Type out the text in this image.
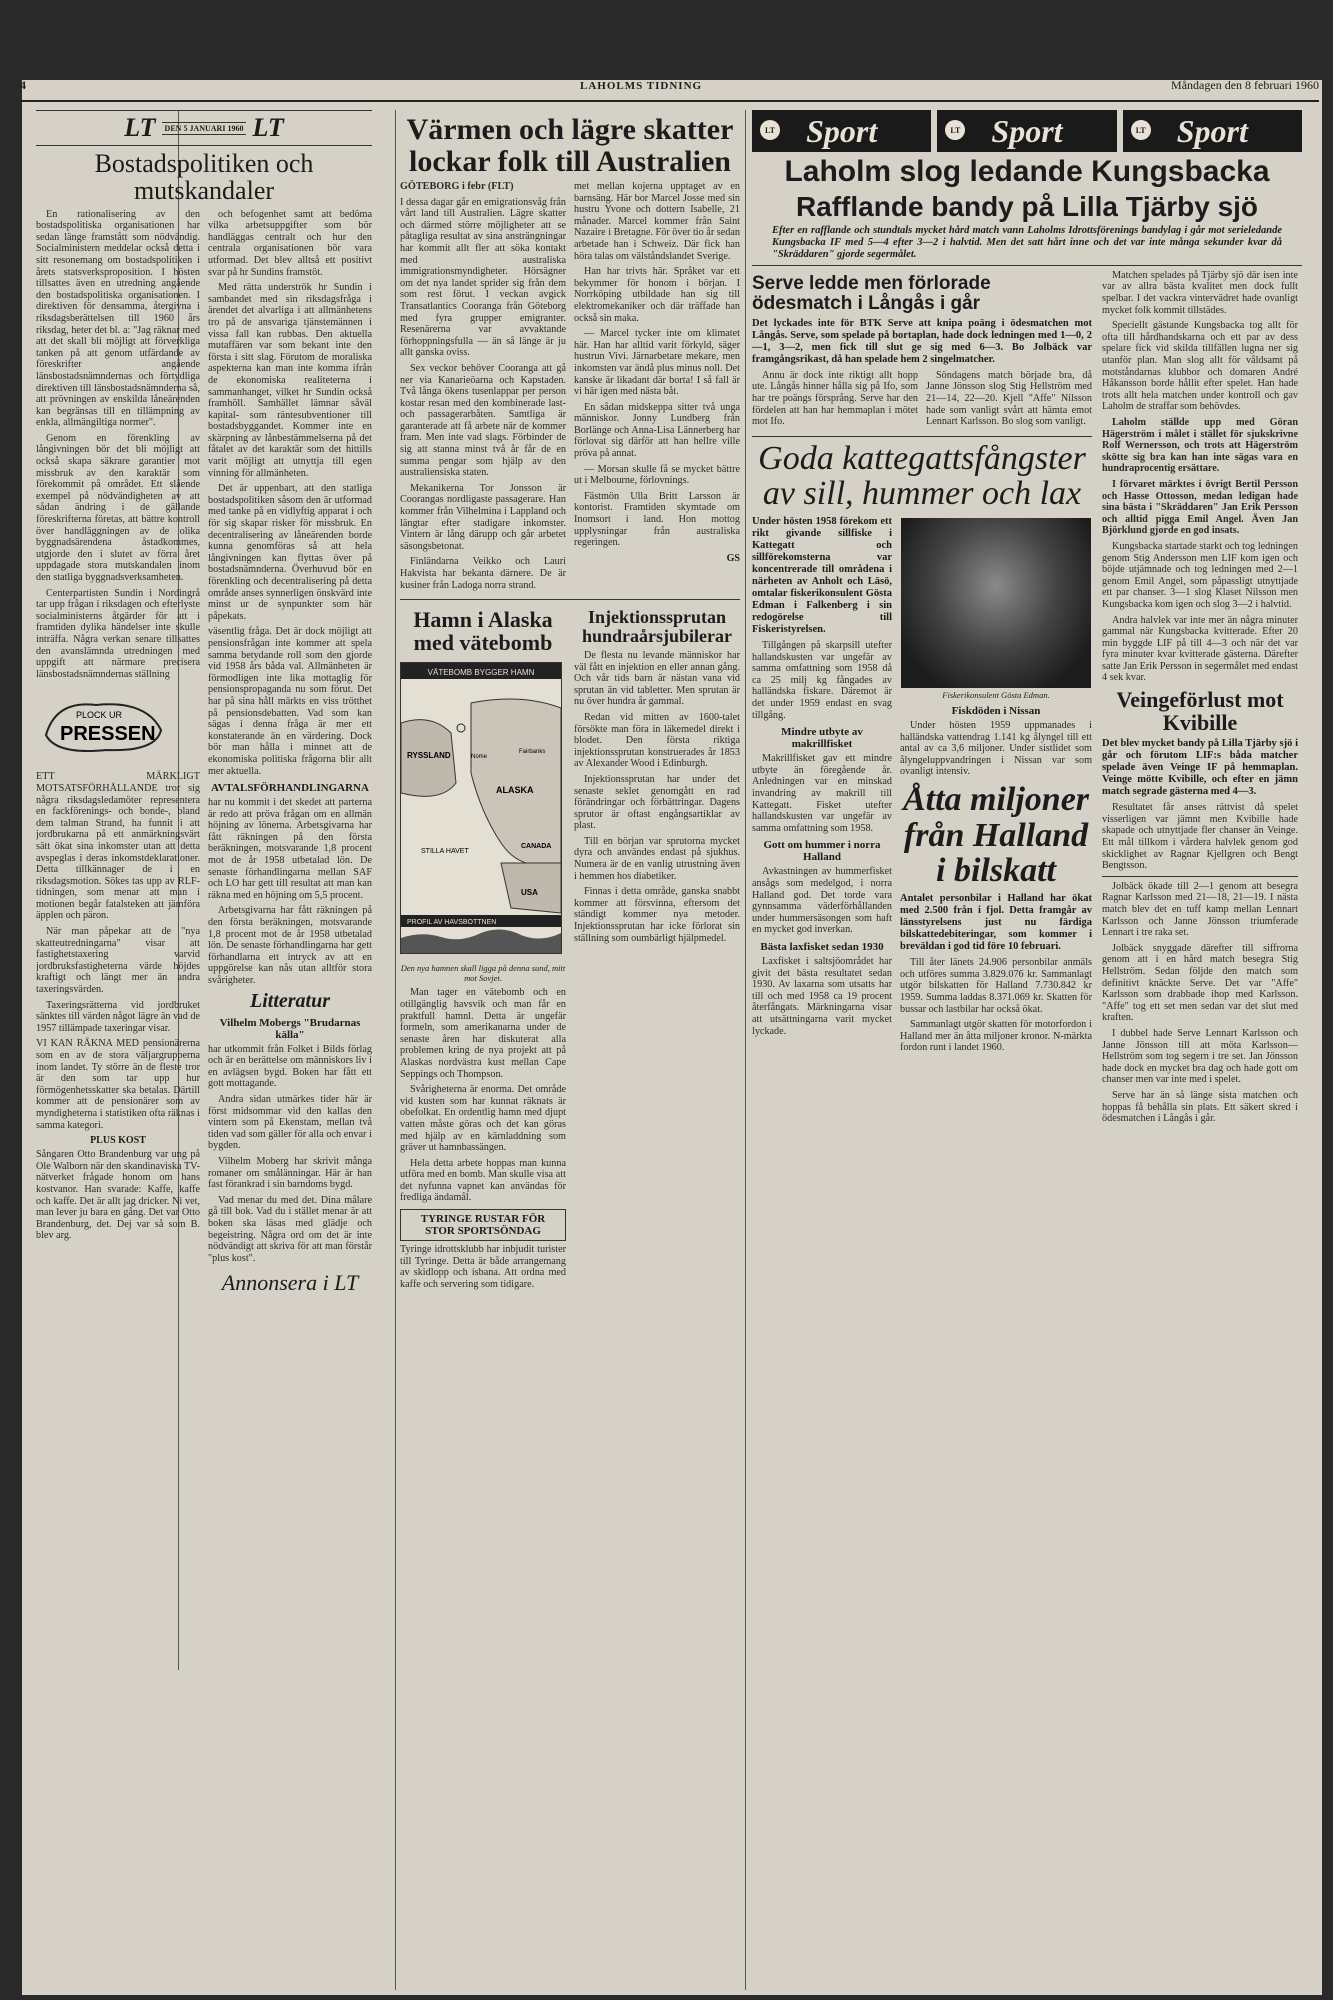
4	LAHOLMS TIDNING	Måndagen den 8 februari 1960
LT	DEN 5 JANUARI 1960 LT
Bostadspolitiken och mutskandaler

En rationalisering av den bostadspolitiska organisationen har sedan länge framstått som nödvändig. Socialministern meddelar också detta i sitt resonemang om bostadspolitiken i årets statsverksproposition. I hösten tillsattes även en utredning angående den bostadspolitiska organisationen. I direktiven för densamma, återgivna i riksdagsberättelsen till 1960 års riksdag, heter det bl. a: "Jag räknar med att det skall bli möjligt att förverkliga tanken på att genom utfärdande av föreskrifter angående länsbostadsnämndernas och förtydliga direktiven till länsbostadsnämnderna så, att prövningen av enskilda låneärenden kan begränsas till en tillämpning av enkla, allmängiltiga normer".

Genom en förenkling av långivningen bör det bli möjligt att också skapa säkrare garantier mot missbruk av den karaktär som förekommit på området. Ett slående exempel på nödvändigheten av att sådan ändring i de gällande föreskrifterna företas, att bättre kontroll över handläggningen av de olika byggnadsärendena åstadkommes, utgjorde den i slutet av förra året uppdagade stora mutskandalen inom den statliga byggnadsverksamheten.

Centerpartisten Sundin i Nordingrå tar upp frågan i riksdagen och efterlyste socialministerns åtgärder för att i framtiden dylika händelser inte skulle inträffa. Några verkan senare tillsattes den avanslämnda utredningen med uppgift att närmare precisera länsbostadsnämndernas ställning

PLOCK UR
PRESSEN

ETT MÄRKLIGT MOTSATSFÖRHÅLLANDE tror sig några riksdagsledamöter representera en fackförenings- och bonde-, bland dem talman Strand, ha funnit i att jordbrukarna på ett anmärkningsvärt sätt ökat sina inkomster utan att detta avspeglas i deras inkomstdeklarationer. Detta tillkännager de i en riksdagsmotion. Sökes tas upp av RLF-tidningen, som menar att man i motionen begår fatalsteken att jämföra äpplen och päron.

När man påpekar att de "nya skatteutredningarna" visar att fastighetstaxering varvid jordbruksfastigheterna värde höjdes kraftigt och längt mer än andra taxeringsvärden.

Taxeringsrätterna vid jordbruket sänktes till värden något lägre än vad de 1957 tillämpade taxeringar visar.

VI KAN RÄKNA MED pensionärerna som en av de stora väljargrupperna inom landet. Ty större än de fleste tror är den som tar upp hur förmögenhetsskatter ska betalas. Därtill kommer att de pensionärer som av myndigheterna i statistiken ofta räknas i samma kategori.

PLUS KOST

Sångaren Otto Brandenburg var ung på Ole Walborn när den skandinaviska TV-nätverket frågade honom om hans kostvanor. Han svarade: Kaffe, kaffe och kaffe. Det är allt jag dricker. Ni vet, man lever ju bara en gång. Det var Otto Brandenburg, det. Dej var så som B. blev arg.

och befogenhet samt att bedöma vilka arbetsuppgifter som bör handläggas centralt och hur den centrala organisationen bör vara utformad. Det blev alltså ett positivt svar på hr Sundins framstöt.

Med rätta underströk hr Sundin i sambandet med sin riksdagsfråga i ärendet det alvarliga i att allmänhetens tro på de ansvariga tjänstemännen i vissa fall kan rubbas. Den aktuella mutaffären var som bekant inte den första i sitt slag. Förutom de moraliska aspekterna kan man inte komma ifrån de ekonomiska realiteterna i sammanhanget, vilket hr Sundin också framhöll. Samhället lämnar såväl kapital- som räntesubventioner till bostadsbyggandet. Kommer inte en skärpning av lånbestämmelserna på det fåtalet av det karaktär som det hittills varit möjligt att utnyttja till egen vinning för allmänheten.

Det är uppenbart, att den statliga bostadspolitiken såsom den är utformad med tanke på en vidlyftig apparat i och för sig skapar risker för missbruk. En decentralisering av låneärenden borde kunna genomföras så att hela långivningen kan flyttas över på bostadsnämnderna. Överhuvud bör en förenkling och decentralisering på detta område anses synnerligen önskvärd inte minst ur de synpunkter som här påpekats.

väsentlig fråga. Det är dock möjligt att pensionsfrågan inte kommer att spela samma betydande roll som den gjorde vid 1958 års båda val. Allmänheten är förmodligen inte lika mottaglig för pensionspropaganda nu som förut. Det har på sina håll märkts en viss trötthet på pensionsdebatten. Vad som kan sägas i denna fråga är mer ett konstaterande än en värdering. Dock bör man hålla i minnet att de ekonomiska politiska frågorna blir allt mer aktuella.

AVTALSFÖRHANDLINGARNA

har nu kommit i det skedet att parterna är redo att pröva frågan om en allmän höjning av lönerna. Arbetsgivarna har fått räkningen på den första beräkningen, motsvarande 1,8 procent mot de år 1958 utbetalad lön. De senaste förhandlingarna mellan SAF och LO har gett till resultat att man kan räkna med en höjning om 5,5 procent.

Arbetsgivarna har fått räkningen på den första beräkningen, motsvarande 1,8 procent mot de år 1958 utbetalad lön. De senaste förhandlingarna har gett förhandlarna ett intryck av att en uppgörelse kan nås utan alltför stora svårigheter.

Litteratur
Vilhelm Mobergs "Brudarnas källa"

har utkommit från Folket i Bilds förlag och är en berättelse om människors liv i en avlägsen bygd. Boken har fått ett gott mottagande.

Andra sidan utmärkes tider här är först midsommar vid den kallas den vintern som på Ekenstam, mellan två tiden vad som gäller för alla och envar i bygden.

Vilhelm Moberg har skrivit många romaner om smålänningar. Här är han fast förankrad i sin barndoms bygd.

Vad menar du med det. Dina målare gå till bok. Vad du i stället menar är att boken ska läsas med glädje och begeistring. Några ord om det är inte nödvändigt att skriva för att man förstår "plus kost".

Annonsera i LT
Värmen och lägre skatter lockar folk till Australien

GÖTEBORG i febr (FLT)

I dessa dagar går en emigrationsvåg från vårt land till Australien. Lägre skatter och därmed större möjligheter att se påtagliga resultat av sina ansträngningar har kommit allt fler att söka kontakt med australiska immigrationsmyndigheter. Hörsägner om det nya landet sprider sig från dem som rest förut. I veckan avgick Transatlantics Cooranga från Göteborg med fyra grupper emigranter. Resenärerna var avvaktande förhoppningsfulla — än så länge är ju allt ganska oviss.

Sex veckor behöver Cooranga att gå ner via Kanarieöarna och Kapstaden. Två långa ökens tusenlappar per person kostar resan med den kombinerade last- och passagerarbåten. Samtliga är garanterade att få arbete när de kommer fram. Men inte vad slags. Förbinder de sig att stanna minst två år får de en summa pengar som hjälp av den australiensiska staten.

Mekanikerna Tor Jonsson är Coorangas nordligaste passagerare. Han kommer från Vilhelmina i Lappland och längtar efter stadigare inkomster. Vintern är lång därupp och går arbetet säsongsbetonat.

Finländarna Veikko och Lauri Hakvista har bekanta därnere. De är kusiner från Ladoga norra strand.

met mellan kojerna upptaget av en barnsäng. Här bor Marcel Josse med sin hustru Yvone och dottern Isabelle, 21 månader. Marcel kommer från Saint Nazaire i Bretagne. För över tio år sedan arbetade han i Schweiz. Där fick han höra talas om välståndslandet Sverige.

Han har trivts här. Språket var ett bekymmer för honom i början. I Norrköping utbildade han sig till elektromekaniker och där träffade han också sin maka.

— Marcel tycker inte om klimatet här. Han har alltid varit förkyld, säger hustrun Vivi. Järnarbetare mekare, men inkomsten var ändå plus minus noll. Det kanske är likadant där borta! I så fall är vi här igen med nästa båt.

En sådan midskeppa sitter två unga människor. Jonny Lundberg från Borlänge och Anna-Lisa Lännerberg har förlovat sig därför att han hellre ville pröva på annat.

— Morsan skulle få se mycket bättre ut i Melbourne, förlovnings.

Fästmön Ulla Britt Larsson är kontorist. Framtiden skymtade om Inomsort i land. Hon mottog upplysningar från australiska regeringen.

GS
Hamn i Alaska med vätebomb
VÄTEBOMB BYGGER HAMN
RYSSLAND
ALASKA
CANADA
USA
Nome
Fairbanks
STILLA HAVET
PROFIL AV HAVSBOTTNEN
Den nya hamnen skall ligga på denna sund, mitt mot Sovjet.

Man tager en vätebomb och en otillgänglig havsvik och man får en praktfull hamnl. Detta är ungefär formeln, som amerikanarna under de senaste åren har diskuterat alla problemen kring de nya projekt att på Alaskas nordvästra kust mellan Cape Seppings och Thompson.

Svårigheterna är enorma. Det område vid kusten som har kunnat räknats är obefolkat. En ordentlig hamn med djupt vatten måste göras och det kan göras med hjälp av en kärnladdning som gräver ut hamnbassängen.

Hela detta arbete hoppas man kunna utföra med en bomb. Man skulle visa att det nyfunna vapnet kan användas för fredliga ändamål.

TYRINGE RUSTAR FÖR STOR SPORTSÖNDAG

Tyringe idrottsklubb har inbjudit turister till Tyringe. Detta är både arrangemang av skidlopp och isbana. Att ordna med kaffe och servering som tidigare.

Injektionssprutan hundraårsjubilerar

De flesta nu levande människor har väl fått en injektion en eller annan gång. Och vår tids barn är nästan vana vid sprutan än vid tabletter. Men sprutan är nu över hundra år gammal.

Redan vid mitten av 1600-talet försökte man föra in läkemedel direkt i blodet. Den första riktiga injektionssprutan konstruerades år 1853 av Alexander Wood i Edinburgh.

Injektionssprutan har under det senaste seklet genomgått en rad förändringar och förbättringar. Dagens sprutor är oftast engångsartiklar av plast.

Till en början var sprutorna mycket dyra och användes endast på sjukhus. Numera är de en vanlig utrustning även i hemmen hos diabetiker.

Finnas i detta område, ganska snabbt kommer att försvinna, eftersom det ständigt kommer nya metoder. Injektionssprutan har icke förlorat sin ställning som oumbärligt hjälpmedel.

LT Sport	LT Sport	LT Sport
Laholm slog ledande Kungsbacka
Rafflande bandy på Lilla Tjärby sjö

Efter en rafflande och stundtals mycket hård match vann Laholms Idrottsförenings bandylag i går mot serieledande Kungsbacka IF med 5—4 efter 3—2 i halvtid. Men det satt hårt inne och det var inte många sekunder kvar då "Skräddaren" gjorde segermålet.

Serve ledde men förlorade ödesmatch i Långås i går

Det lyckades inte för BTK Serve att knipa poäng i ödesmatchen mot Långås. Serve, som spelade på bortaplan, hade dock ledningen med 1—0, 2—1, 3—2, men fick till slut ge sig med 6—3. Bo Jolbäck var framgångsrikast, då han spelade hem 2 singelmatcher.

Annu är dock inte riktigt allt hopp ute. Långås hinner hålla sig på Ifo, som har tre poängs försprång. Serve har den fördelen att han har hemmaplan i mötet mot Ifo.

Söndagens match började bra, då Janne Jönsson slog Stig Hellström med 21—14, 22—20. Kjell "Affe" Nilsson hade som vanligt svårt att hämta emot Lennart Karlsson. Bo slog som vanligt.

Goda kattegattsfångster av sill, hummer och lax

Under hösten 1958 förekom ett rikt givande sillfiske i Kattegatt och sillförekomsterna var koncentrerade till områdena i närheten av Anholt och Läsö, omtalar fiskerikonsulent Gösta Edman i Falkenberg i sin redogörelse till Fiskeristyrelsen.

Tillgången på skarpsill utefter hallandskusten var ungefär av samma omfattning som 1958 då ca 25 milj kg fångades av halländska fiskare. Däremot är det under 1959 endast en svag tillgång.

Mindre utbyte av makrillfisket

Makrillfisket gav ett mindre utbyte än föregående år. Anledningen var en minskad invandring av makrill till Kattegatt. Fisket utefter hallandskusten var ungefär av samma omfattning som 1958.

Gott om hummer i norra Halland

Avkastningen av hummerfisket ansågs som medelgod, i norra Halland god. Det torde vara gynnsamma väderförhållanden under hummersäsongen som haft en mycket god inverkan.

Bästa laxfisket sedan 1930

Laxfisket i saltsjöområdet har givit det bästa resultatet sedan 1930. Av laxarna som utsatts har till och med 1958 ca 19 procent återfångats. Märkningarna visar att utsättningarna varit mycket lyckade.

Fiskerikonsulent Gösta Edman.
Fiskdöden i Nissan

Under hösten 1959 uppmanades i halländska vattendrag 1.141 kg ålyngel till ett antal av ca 3,6 miljoner. Under sistlidet som ålyngeluppvandringen i Nissan var som ovanligt intensiv.

Åtta miljoner från Halland i bilskatt

Antalet personbilar i Halland har ökat med 2.500 från i fjol. Detta framgår av länsstyrelsens just nu färdiga bilskattedebiteringar, som kommer i breväldan i god tid före 10 februari.

Till åter länets 24.906 personbilar anmäls och utföres summa 3.829.076 kr. Sammanlagt utgör bilskatten för Halland 7.730.842 kr 1959. Summa laddas 8.371.069 kr. Skatten för bussar och lastbilar har också ökat.

Sammanlagt utgör skatten för motorfordon i Halland mer än åtta miljoner kronor. N-märkta fordon runt i landet 1960.

Matchen spelades på Tjärby sjö där isen inte var av allra bästa kvalitet men dock fullt spelbar. I det vackra vintervädret hade ovanligt mycket folk kommit tillstädes.

Speciellt gästande Kungsbacka tog allt för ofta till hårdhandskarna och ett par av dess spelare fick vid skilda tillfällen lugna ner sig utanför plan. Man slog allt för våldsamt på motståndarnas klubbor och domaren André Håkansson borde hållit efter spelet. Han hade trots allt hela matchen under kontroll och gav Laholm de straffar som behövdes.

Laholm ställde upp med Göran Hägerström i målet i stället för sjukskrivne Rolf Wernersson, och trots att Hägerström skötte sig bra kan han inte sägas vara en hundraprocentig ersättare.

I förvaret märktes i övrigt Bertil Persson och Hasse Ottosson, medan ledigan hade sina bästa i "Skräddaren" Jan Erik Persson och alltid pigga Emil Angel. Även Jan Björklund gjorde en god insats.

Kungsbacka startade starkt och tog ledningen genom Stig Andersson men LIF kom igen och böjde utjämnade och tog ledningen med 2—1 genom Emil Angel, som påpassligt utnyttjade ett par chanser. 3—1 slog Klaset Nilsson men Kungsbacka kom igen och slog 3—2 i halvtid.

Andra halvlek var inte mer än några minuter gammal när Kungsbacka kvitterade. Efter 20 min byggde LIF på till 4—3 och när det var fyra minuter kvar kvitterade gästerna. Därefter satte Jan Erik Persson in segermålet med endast 4 sek kvar.

Veingeförlust mot Kvibille

Det blev mycket bandy på Lilla Tjärby sjö i går och förutom LIF:s båda matcher spelade även Veinge IF på hemmaplan. Veinge mötte Kvibille, och efter en jämn match segrade gästerna med 4—3.

Resultatet får anses rättvist då spelet visserligen var jämnt men Kvibille hade skapade och utnyttjade fler chanser än Veinge. Ett mål tillkom i vårdera halvlek genom god skicklighet av Ragnar Kjellgren och Bengt Bengtsson.

Jolbäck ökade till 2—1 genom att besegra Ragnar Karlsson med 21—18, 21—19. I nästa match blev det en tuff kamp mellan Lennart Karlsson och Janne Jönsson triumferade Lennart i tre raka set.

Jolbäck snyggade därefter till siffrorna genom att i en hård match besegra Stig Hellström. Sedan följde den match som definitivt knäckte Serve. Det var "Affe" Karlsson som drabbade ihop med Karlsson. "Affe" tog ett set men sedan var det slut med kraften.

I dubbel hade Serve Lennart Karlsson och Janne Jönsson till att möta Karlsson—Hellström som tog segern i tre set. Jan Jönsson hade dock en mycket bra dag och hade gott om chanser men var inte med i spelet.

Serve har än så länge sista matchen och hoppas få behålla sin plats. Ett säkert skred i ödesmatchen i Långås i går.
